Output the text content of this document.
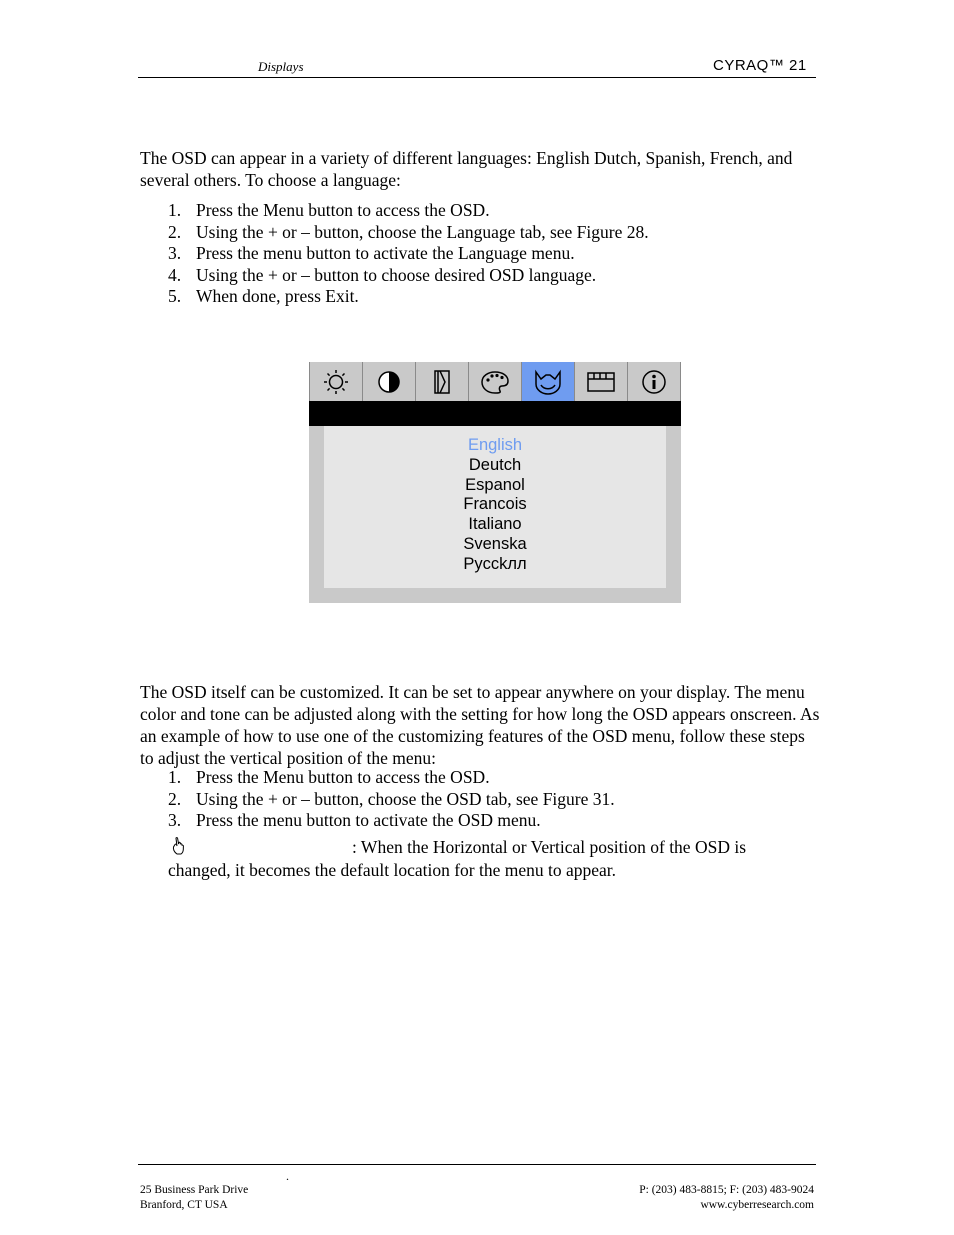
Displays	CYRAQ™ 21
The OSD can appear in a variety of different languages: English Dutch, Spanish, French, and several others. To choose a language:
1. Press the Menu button to access the OSD.
2. Using the + or – button, choose the Language tab, see Figure 28.
3. Press the menu button to activate the Language menu.
4. Using the + or – button to choose desired OSD language.
5. When done, press Exit.
English
Deutch
Espanol
Francois
Italiano
Svenska
Pycckлл
The OSD itself can be customized. It can be set to appear anywhere on your display. The menu color and tone can be adjusted along with the setting for how long the OSD appears onscreen. As an example of how to use one of the customizing features of the OSD menu, follow these steps to adjust the vertical position of the menu:
1. Press the Menu button to access the OSD.
2. Using the + or – button, choose the OSD tab, see Figure 31.
3. Press the menu button to activate the OSD menu.
: When the Horizontal or Vertical position of the OSD is
changed, it becomes the default location for the menu to appear.
.
25 Business Park Drive
Branford, CT USA
P: (203) 483-8815; F: (203) 483-9024
www.cyberresearch.com
